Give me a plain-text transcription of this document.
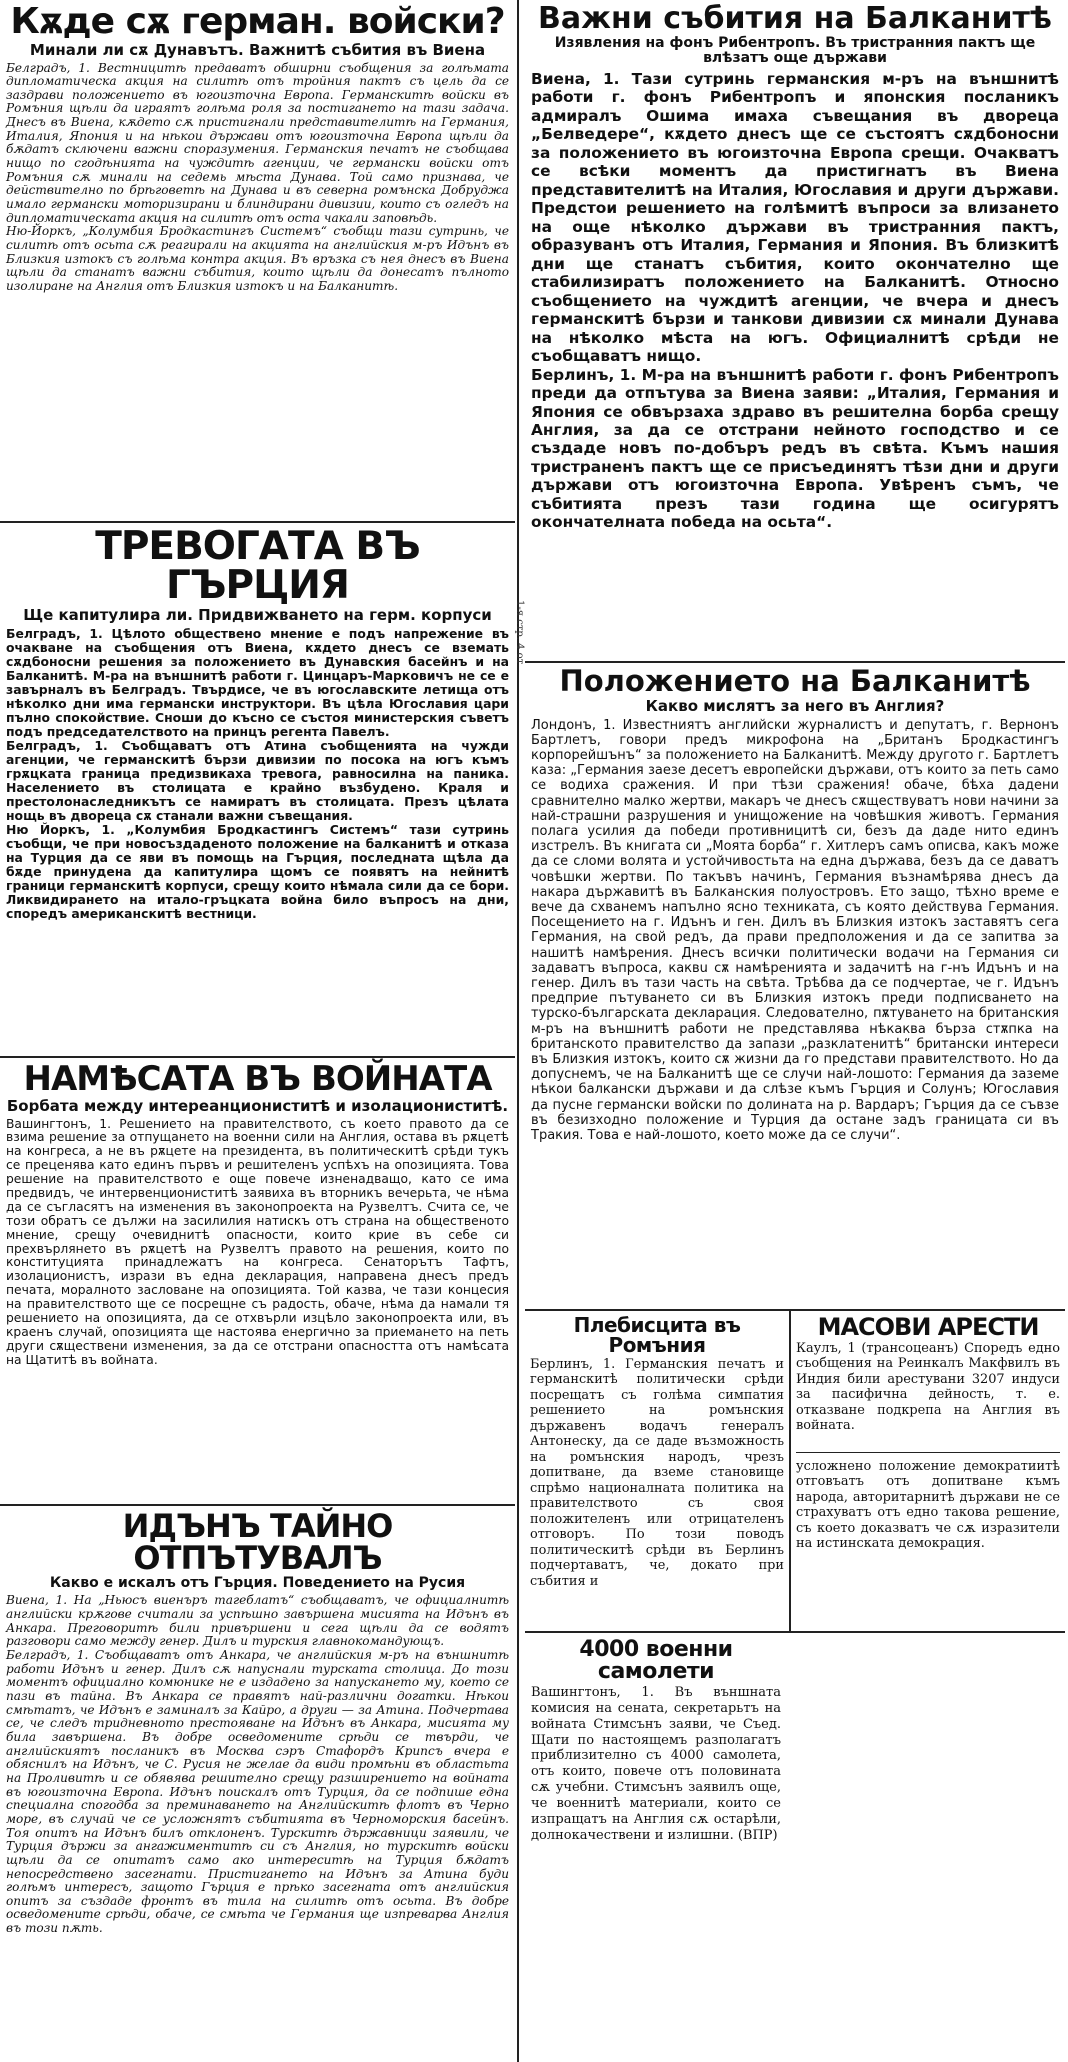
1-я стр. 4 от
Кѫде сѫ герман. войски?
Минали ли сѫ Дунавътъ. Важнитѣ събития въ Виена

Белградъ, 1. Вестницитѣ предаватъ обширни съобщения за голѣмата дипломатическа акция на силитѣ отъ тройния пактъ съ цель да се заздрави положението въ югоизточна Европа. Германскитѣ войски въ Ромъния щѣли да играятъ голѣма роля за постигането на тази задача. Днесъ въ Виена, кѫдето сѫ пристигнали представителитѣ на Германия, Италия, Япония и на нѣкои държави отъ югоизточна Европа щѣли да бѫдатъ сключени важни споразумения. Германския печатъ не съобщава нищо по сгодѣнията на чуждитѣ агенции, че германски войски отъ Ромъния сѫ минали на седемь мѣста Дунава. Той само признава, че действително по брѣговетѣ на Дунава и въ северна ромънска Добруджа имало германски моторизирани и блиндирани дивизии, които съ огледъ на дипломатическата акция на силитѣ отъ оста чакали заповѣдь.

Ню-Йоркъ, „Колумбия Бродкастингъ Системъ“ съобщи тази сутринь, че силитѣ отъ осьта сѫ реагирали на акцията на английския м-ръ Идънъ въ Близкия изтокъ съ голѣма контра акция. Въ връзка съ нея днесъ въ Виена щѣли да станатъ важни събития, които щѣли да донесатъ пълното изолиране на Англия отъ Близкия изтокъ и на Балканитѣ.

ТРЕВОГАТА ВЪ ГЪРЦИЯ
Ще капитулира ли. Придвижването на герм. корпуси

Белградъ, 1. Цѣлото обществено мнение е подъ напрежение въ очакване на съобщения отъ Виена, кѫдето днесъ се вземать сѫдбоносни решения за положението въ Дунавския басейнъ и на Балканитѣ. М-ра на външнитѣ работи г. Цинцаръ-Марковичъ не се е завърналъ въ Белградъ. Твърдисе, че въ югославските летища отъ нѣколко дни има германски инструктори. Въ цѣла Югославия цари пълно спокойствие. Сноши до късно се състоя министерския съветъ подъ председателството на принцъ регента Павелъ.

Белградъ, 1. Съобщаватъ отъ Атина съобщенията на чужди агенции, че германскитѣ бързи дивизии по посока на югъ къмъ грѫцката граница предизвикаха тревога, равносилна на паника. Населението въ столицата е крайно възбудено. Краля и престолонаследникътъ се намиратъ въ столицата. Презъ цѣлата нощь въ двореца сѫ станали важни съвещания.

Ню Йоркъ, 1. „Колумбия Бродкастингъ Системъ“ тази сутринь съобщи, че при новосъздаденото положение на балканитѣ и отказа на Турция да се яви въ помощь на Гърция, последната щѣла да бѫде принудена да капитулира щомъ се появятъ на нейнитѣ граници германскитѣ корпуси, срещу които нѣмала сили да се бори. Ликвидирането на итало-гръцката война било въпросъ на дни, споредъ американскитѣ вестници.

НАМѢСАТА ВЪ ВОЙНАТА
Борбата между интереанциониститѣ и изолациониститѣ.

Вашингтонъ, 1. Решението на правителството, съ което правото да се взима решение за отпущането на военни сили на Англия, остава въ рѫцетѣ на конгреса, а не въ рѫцете на президента, въ политическитѣ срѣди тукъ се преценява като единъ първъ и решителенъ успѣхъ на опозицията. Това решение на правителството е още повече изненадващо, като се има предвидъ, че интервенциониститѣ заявиха въ вторникъ вечерьта, че нѣма да се съгласятъ на изменения въ законопроекта на Рузвелтъ. Счита се, че този обратъ се дължи на засилилия натискъ отъ страна на общественото мнение, срещу очевиднитѣ опасности, които крие въ себе си прехвърлянето въ рѫцетѣ на Рузвелтъ правото на решения, които по конституцията принадлежатъ на конгреса. Сенаторътъ Тафтъ, изолационистъ, изрази въ една декларация, направена днесъ предъ печата, моралното засловане на опозицията. Той казва, че тази концесия на правителството ще се посрещне съ радость, обаче, нѣма да намали тя решението на опозицията, да се отхвърли изцѣло законопроекта или, въ краенъ случай, опозицията ще настоява енергично за приемането на петь други сѫществени изменения, за да се отстрани опасността отъ намѣсата на Щатитѣ въ войната.

ИДЪНЪ ТАЙНО ОТПЪТУВАЛЪ
Какво е искалъ отъ Гърция. Поведението на Русия

Виена, 1. На „Ньюсъ виенъръ тагеблатъ“ съобщаватъ, че официалнитѣ английски крѫгове считали за успѣшно завършена мисията на Идънъ въ Анкара. Преговоритѣ били привършени и сега щѣли да се водятъ разговори само между генер. Дилъ и турския главнокомандующъ.

Белградъ, 1. Съобщаватъ отъ Анкара, че английския м-ръ на външнитѣ работи Идънъ и генер. Дилъ сѫ напуснали турската столица. До този моментъ официално комюнике не е издадено за напускането му, което се пази въ тайна. Въ Анкара се правятъ най-различни догатки. Нѣкои смѣтатъ, че Идънъ е заминалъ за Кайро, а други — за Атина. Подчертава се, че следъ тридневното престояване на Идънъ въ Анкара, мисията му била завършена. Въ добре осведомените срѣди се твърди, че английскиятъ посланикъ въ Москва сэръ Стафордъ Крипсъ вчера е обяснилъ на Идънъ, че С. Русия не желае да види промѣни въ областьта на Проливитѣ и се обявява решително срещу разширението на войната въ югоизточна Европа. Идънъ поискалъ отъ Турция, да се подпише една специална спогодба за преминаването на Английскитѣ флотъ въ Черно море, въ случай че се усложнятъ събитията въ Черноморския басейнъ. Тоя опитъ на Идънъ билъ отклоненъ. Турскитѣ държавници заявили, че Турция държи за ангажиментитѣ си съ Англия, но турскитѣ войски щѣли да се опитатъ само ако интереситѣ на Турция бѫдатъ непосредствено засегнати. Пристигането на Идънъ за Атина буди голѣмъ интересъ, защото Гърция е прѣко засегната отъ английския опитъ за създаде фронтъ въ тила на силитѣ отъ осьта. Въ добре осведомените срѣди, обаче, се смѣта че Германия ще изпреварва Англия въ този пѫть.

Важни събития на Балканитѣ
Изявления на фонъ Рибентропъ. Въ тристранния пактъ ще влѣзатъ още държави

Виена, 1. Тази сутринь германския м-ръ на външнитѣ работи г. фонъ Рибентропъ и японския посланикъ адмиралъ Ошима имаха съвещания въ двореца „Белведере“, кѫдето днесъ ще се състоятъ сѫдбоносни за положението въ югоизточна Европа срещи. Очакватъ се всѣки моментъ да пристигнатъ въ Виена представителитѣ на Италия, Югославия и други държави. Предстои решението на голѣмитѣ въпроси за влизането на още нѣколко държави въ тристранния пактъ, образуванъ отъ Италия, Германия и Япония. Въ близкитѣ дни ще станатъ събития, които окончателно ще стабилизиратъ положението на Балканитѣ. Относно съобщението на чуждитѣ агенции, че вчера и днесъ германскитѣ бързи и танкови дивизии сѫ минали Дунава на нѣколко мѣста на югъ. Официалнитѣ срѣди не съобщаватъ нищо.

Берлинъ, 1. М-ра на външнитѣ работи г. фонъ Рибентропъ преди да отпътува за Виена заяви: „Италия, Германия и Япония се обвързаха здраво въ решителна борба срещу Англия, за да се отстрани нейното господство и се създаде новъ по-добъръ редъ въ свѣта. Къмъ нашия тристраненъ пактъ ще се присъединятъ тѣзи дни и други държави отъ югоизточна Европа. Увѣренъ съмъ, че събитията презъ тази година ще осигурятъ окончателната победа на осьта“.

Положението на Балканитѣ
Какво мислятъ за него въ Англия?

Лондонъ, 1. Известниятъ английски журналистъ и депутатъ, г. Вернонъ Бартлетъ, говори предъ микрофона на „Британъ Бродкастингъ корпорейшънъ“ за положението на Балканитѣ. Между другото г. Бартлетъ каза: „Германия заезе десетъ европейски държави, отъ които за петь само се водиха сражения. И при тѣзи сражения! обаче, бѣха дадени сравнително малко жертви, макаръ че днесъ сѫществуватъ нови начини за най-страшни разрушения и унищожение на човѣшкия животъ. Германия полага усилия да победи противницитѣ си, безъ да даде нито единъ изстрелъ. Въ книгата си „Моята борба“ г. Хитлеръ самъ описва, какъ може да се сломи волята и устойчивостьта на една държава, безъ да се даватъ човѣшки жертви. По такъвъ начинъ, Германия възнамѣрява днесъ да накара държавитѣ въ Балканския полуостровъ. Ето защо, тѣхно време е вече да схванемъ напълно ясно техниката, съ която действува Германия. Посещението на г. Идънъ и ген. Дилъ въ Близкия изтокъ заставятъ сега Германия, на свой редъ, да прави предположения и да се запитва за нашитѣ намѣрения. Днесъ всички политически водачи на Германия си задаватъ въпроса, каквu сѫ намѣренията и задачитѣ на г-нъ Идънъ и на генер. Дилъ въ тази часть на свѣта. Трѣбва да се подчертае, че г. Идънъ предприе пътуването си въ Близкия изтокъ преди подписването на турско-българската декларация. Следователно, пѫтуването на британския м-ръ на външнитѣ работи не представлява нѣкаква бърза стѫпка на британското правителство да запази „разклатенитѣ“ британски интереси въ Близкия изтокъ, които сѫ жизни да го представи правителството. Но да допуснемъ, че на Балканитѣ ще се случи най-лошото: Германия да заземе нѣкои балкански държави и да слѣзе къмъ Гърция и Солунъ; Югославия да пусне германски войски по долината на р. Вардаръ; Гърция да се съвзе въ безизходно положение и Турция да остане задъ границата си въ Тракия. Това е най-лошото, което може да се случи“.

Плебисцита въ Ромъния

Берлинъ, 1. Германския печатъ и германскитѣ политически срѣди посрещатъ съ голѣма симпатия решението на ромънския държавенъ водачъ генералъ Антонеску, да се даде възможность на ромънския народъ, чрезъ допитване, да вземе становище спрѣмо националната политика на правителството съ своя положителенъ или отрицателенъ отговоръ. По този поводъ политическитѣ срѣди въ Берлинъ подчертаватъ, че, докато при събития и

МАСОВИ АРЕСТИ

Каулъ, 1 (трансоцеанъ) Споредъ едно съобщения на Реинкалъ Макфвилъ въ Индия били арестувани 3207 индуси за пасифична дейность, т. е. отказване подкрепа на Англия въ войната.

усложнено положение демократиитѣ отговъатъ отъ допитване къмъ народа, авторитарнитѣ държави не се страхуватъ отъ едно такова решение, съ което доказватъ че сѫ изразители на истинската демокрация.

4000 военни самолети

Вашингтонъ, 1. Въ външната комисия на сената, секретарьтъ на войната Стимсънъ заяви, че Съед. Щати по настоящемъ разполагатъ приблизително съ 4000 самолета, отъ които, повече отъ половината сѫ учебни. Стимсънъ заявилъ още, че военнитѣ материали, които се изпращатъ на Англия сѫ остарѣли, долнокачествени и излишни. (ВПР)
